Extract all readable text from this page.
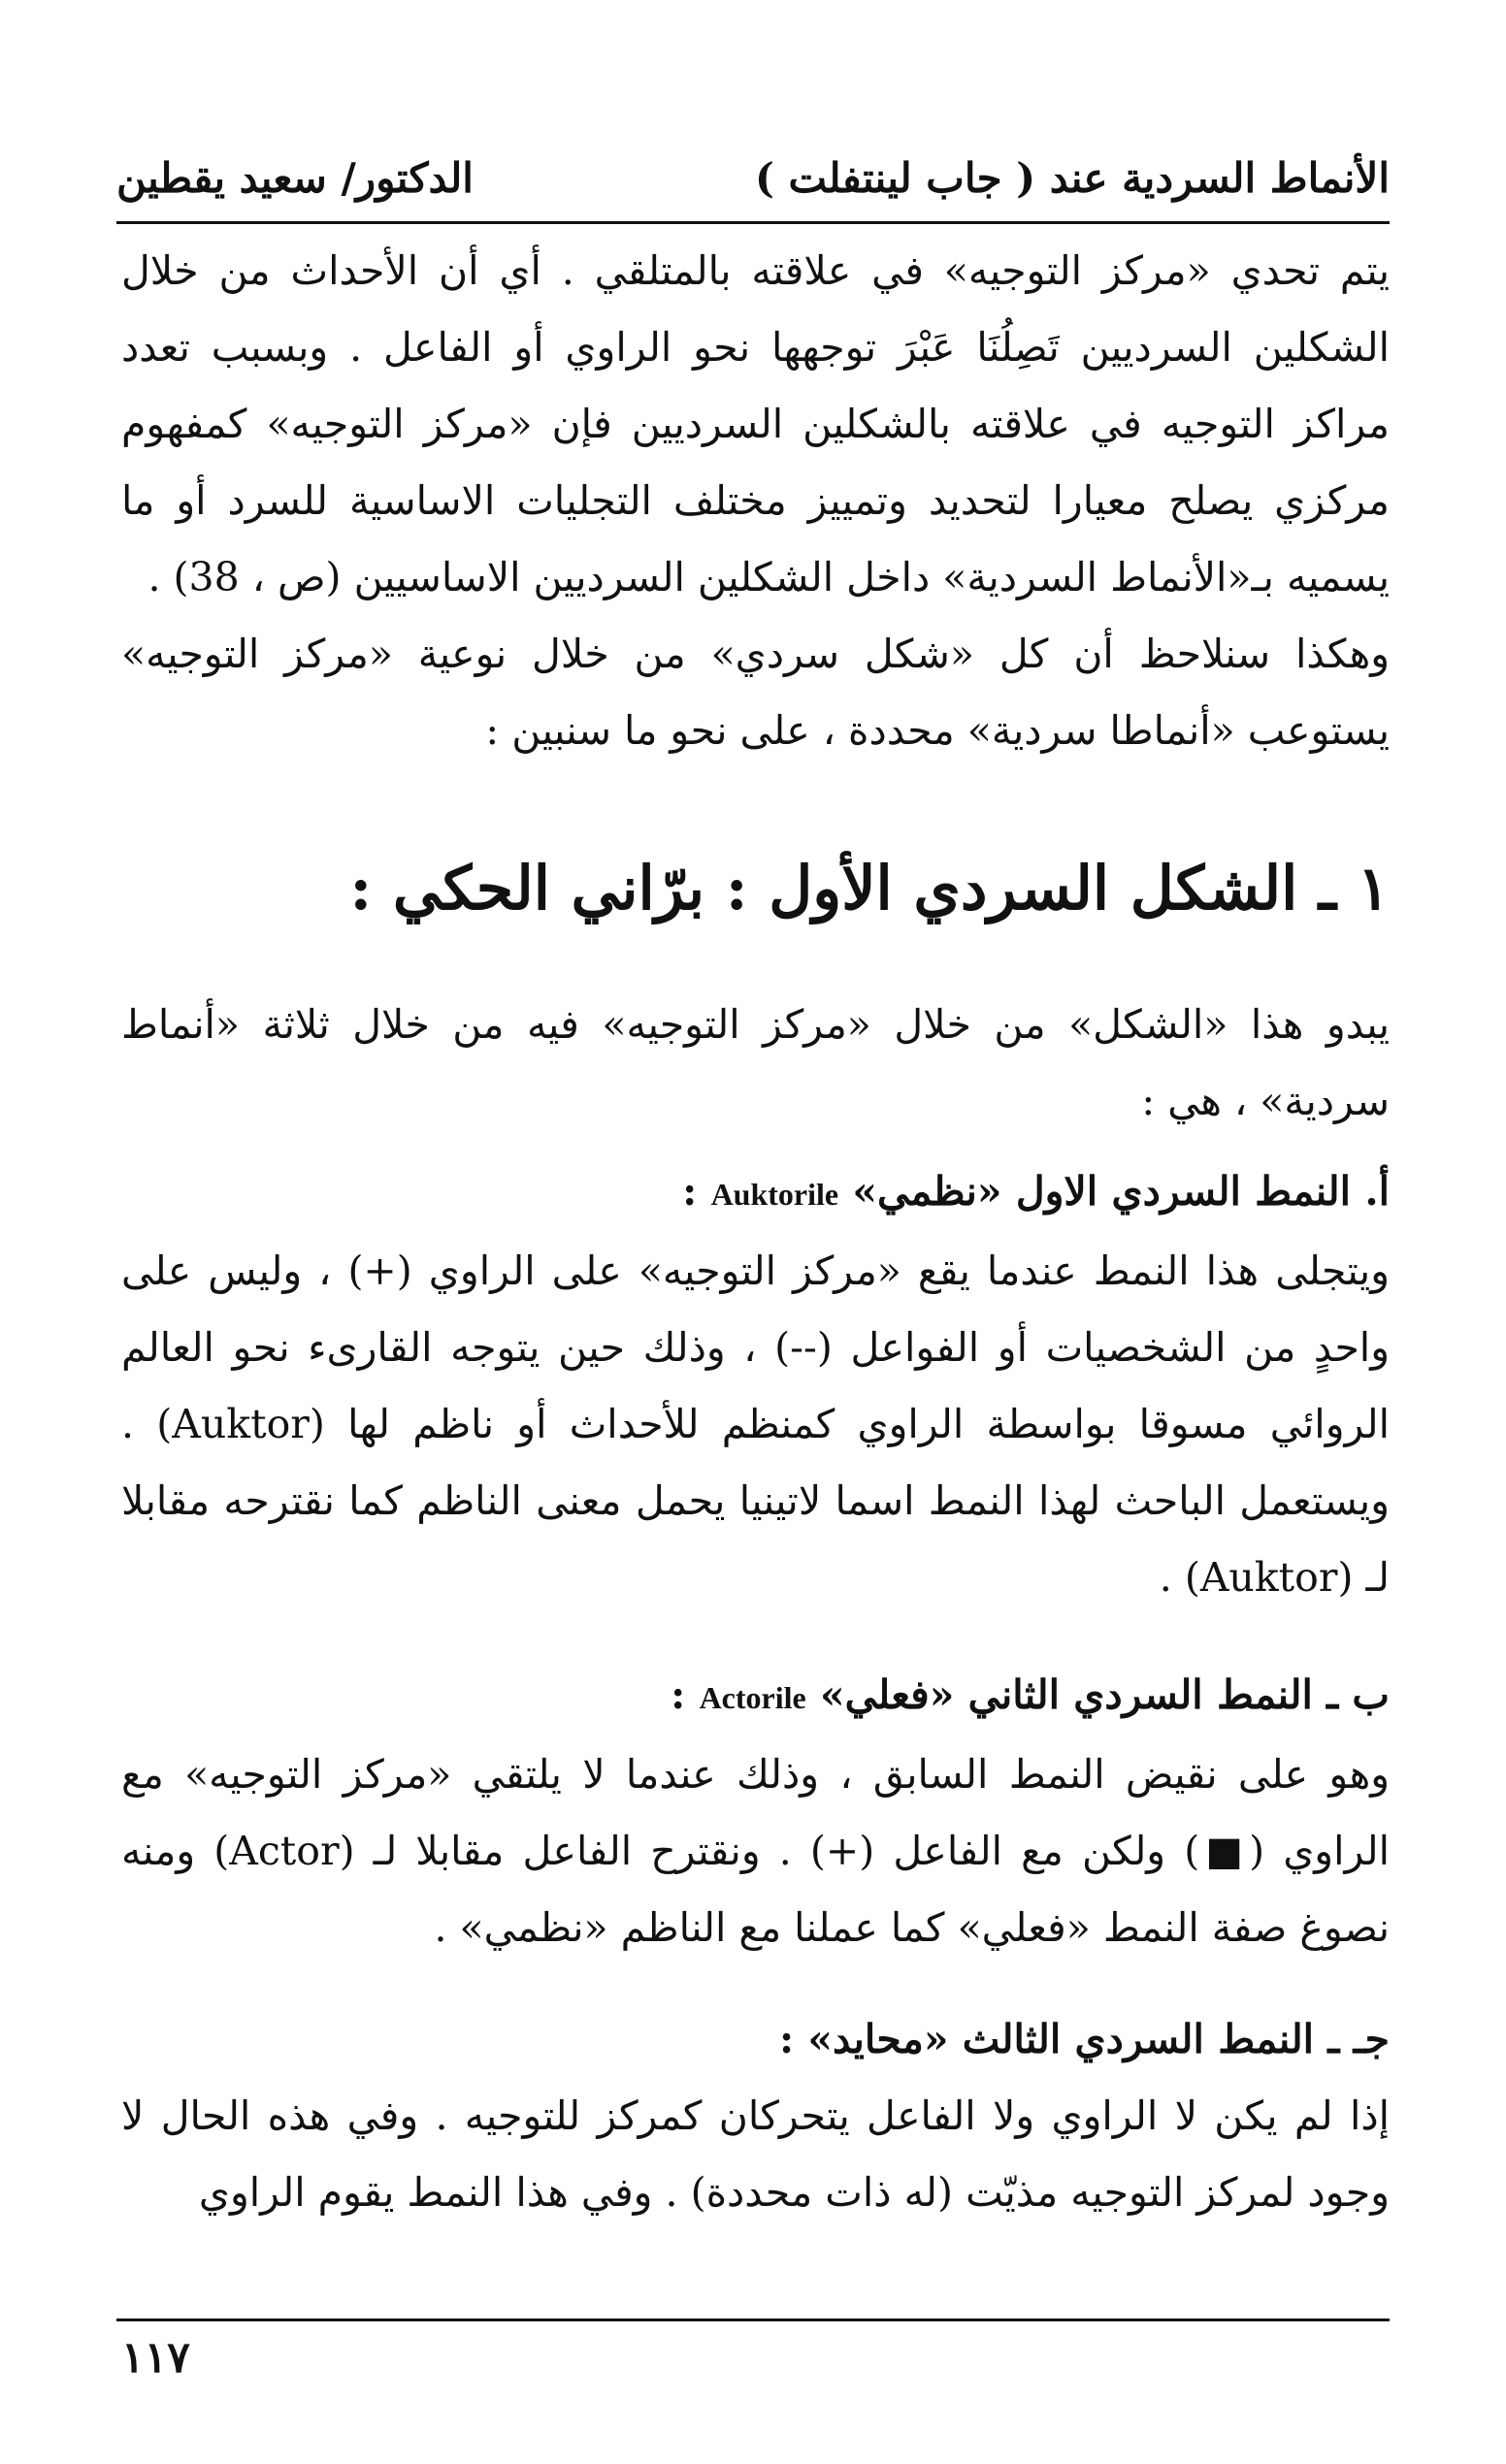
الأنماط السردية عند ( جاب لينتفلت )
الدكتور/ سعيد يقطين

يتم تحدي «مركز التوجيه» في علاقته بالمتلقي . أي أن الأحداث من خلال الشكلين السرديين تَصِلُنَا عَبْرَ توجهها نحو الراوي أو الفاعل . وبسبب تعدد مراكز التوجيه في علاقته بالشكلين السرديين فإن «مركز التوجيه» كمفهوم مركزي يصلح معيارا لتحديد وتمييز مختلف التجليات الاساسية للسرد أو ما يسميه بـ«الأنماط السردية» داخل الشكلين السرديين الاساسيين (ص ، 38) .

وهكذا سنلاحظ أن كل «شكل سردي» من خلال نوعية «مركز التوجيه» يستوعب «أنماطا سردية» محددة ، على نحو ما سنبين :

١ ـ الشكل السردي الأول : برّاني الحكي :

يبدو هذا «الشكل» من خلال «مركز التوجيه» فيه من خلال ثلاثة «أنماط سردية» ، هي :

أ. النمط السردي الاول «نظمي» Auktorile :

ويتجلى هذا النمط عندما يقع «مركز التوجيه» على الراوي (+) ، وليس على واحدٍ من الشخصيات أو الفواعل (--) ، وذلك حين يتوجه القارىء نحو العالم الروائي مسوقا بواسطة الراوي كمنظم للأحداث أو ناظم لها (Auktor) . ويستعمل الباحث لهذا النمط اسما لاتينيا يحمل معنى الناظم كما نقترحه مقابلا لـ (Auktor) .

ب ـ النمط السردي الثاني «فعلي» Actorile :

وهو على نقيض النمط السابق ، وذلك عندما لا يلتقي «مركز التوجيه» مع الراوي (■) ولكن مع الفاعل (+) . ونقترح الفاعل مقابلا لـ (Actor) ومنه نصوغ صفة النمط «فعلي» كما عملنا مع الناظم «نظمي» .

جـ ـ النمط السردي الثالث «محايد» :

إذا لم يكن لا الراوي ولا الفاعل يتحركان كمركز للتوجيه . وفي هذه الحال لا وجود لمركز التوجيه مذيّت (له ذات محددة) . وفي هذا النمط يقوم الراوي

١١٧
